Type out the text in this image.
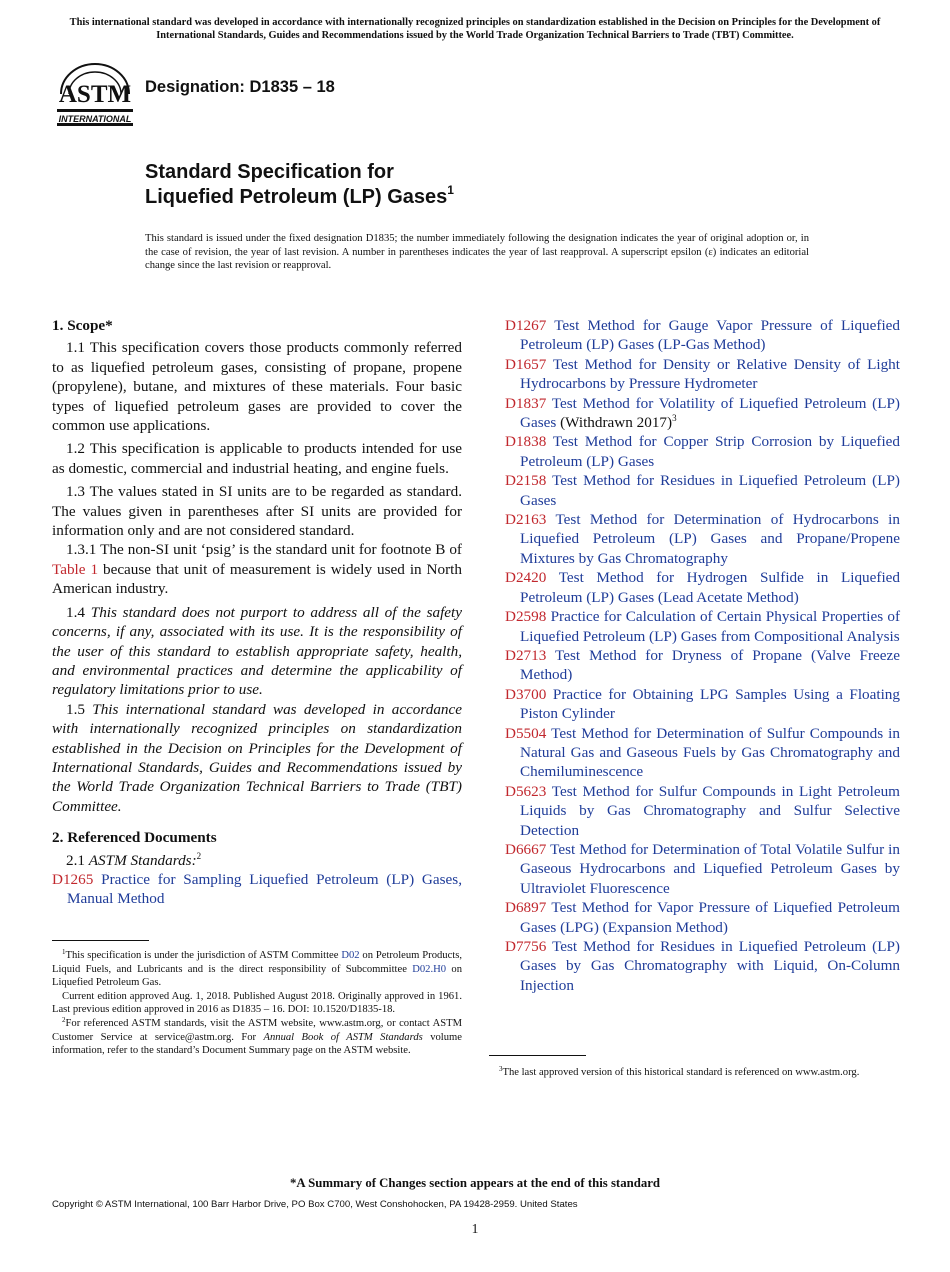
This international standard was developed in accordance with internationally recognized principles on standardization established in the Decision on Principles for the Development of International Standards, Guides and Recommendations issued by the World Trade Organization Technical Barriers to Trade (TBT) Committee.
ASTM
INTERNATIONAL
Designation: D1835 – 18
Standard Specification for
Liquefied Petroleum (LP) Gases$^1$
This standard is issued under the fixed designation D1835; the number immediately following the designation indicates the year of original adoption or, in the case of revision, the year of last revision. A number in parentheses indicates the year of last reapproval. A superscript epsilon (ε) indicates an editorial change since the last revision or reapproval.
1. Scope*

1.1 This specification covers those products commonly referred to as liquefied petroleum gases, consisting of propane, propene (propylene), butane, and mixtures of these materials. Four basic types of liquefied petroleum gases are provided to cover the common use applications.

1.2 This specification is applicable to products intended for use as domestic, commercial and industrial heating, and engine fuels.

1.3 The values stated in SI units are to be regarded as standard. The values given in parentheses after SI units are provided for information only and are not considered standard.

1.3.1 The non-SI unit ‘psig’ is the standard unit for footnote B of Table 1 because that unit of measurement is widely used in North American industry.

1.4 This standard does not purport to address all of the safety concerns, if any, associated with its use. It is the responsibility of the user of this standard to establish appropriate safety, health, and environmental practices and determine the applicability of regulatory limitations prior to use.

1.5 This international standard was developed in accordance with internationally recognized principles on standardization established in the Decision on Principles for the Development of International Standards, Guides and Recommendations issued by the World Trade Organization Technical Barriers to Trade (TBT) Committee.

2. Referenced Documents

2.1 ASTM Standards:$^2$

D1265 Practice for Sampling Liquefied Petroleum (LP) Gases, Manual Method

$^1$This specification is under the jurisdiction of ASTM Committee D02 on Petroleum Products, Liquid Fuels, and Lubricants and is the direct responsibility of Subcommittee D02.H0 on Liquefied Petroleum Gas.

Current edition approved Aug. 1, 2018. Published August 2018. Originally approved in 1961. Last previous edition approved in 2016 as D1835 – 16. DOI: 10.1520/D1835-18.

$^2$For referenced ASTM standards, visit the ASTM website, www.astm.org, or contact ASTM Customer Service at service@astm.org. For Annual Book of ASTM Standards volume information, refer to the standard’s Document Summary page on the ASTM website.

D1267 Test Method for Gauge Vapor Pressure of Liquefied Petroleum (LP) Gases (LP-Gas Method)

D1657 Test Method for Density or Relative Density of Light Hydrocarbons by Pressure Hydrometer

D1837 Test Method for Volatility of Liquefied Petroleum (LP) Gases (Withdrawn 2017)$^3$

D1838 Test Method for Copper Strip Corrosion by Liquefied Petroleum (LP) Gases

D2158 Test Method for Residues in Liquefied Petroleum (LP) Gases

D2163 Test Method for Determination of Hydrocarbons in Liquefied Petroleum (LP) Gases and Propane/Propene Mixtures by Gas Chromatography

D2420 Test Method for Hydrogen Sulfide in Liquefied Petroleum (LP) Gases (Lead Acetate Method)

D2598 Practice for Calculation of Certain Physical Properties of Liquefied Petroleum (LP) Gases from Compositional Analysis

D2713 Test Method for Dryness of Propane (Valve Freeze Method)

D3700 Practice for Obtaining LPG Samples Using a Floating Piston Cylinder

D5504 Test Method for Determination of Sulfur Compounds in Natural Gas and Gaseous Fuels by Gas Chromatography and Chemiluminescence

D5623 Test Method for Sulfur Compounds in Light Petroleum Liquids by Gas Chromatography and Sulfur Selective Detection

D6667 Test Method for Determination of Total Volatile Sulfur in Gaseous Hydrocarbons and Liquefied Petroleum Gases by Ultraviolet Fluorescence

D6897 Test Method for Vapor Pressure of Liquefied Petroleum Gases (LPG) (Expansion Method)

D7756 Test Method for Residues in Liquefied Petroleum (LP) Gases by Gas Chromatography with Liquid, On-Column Injection

$^3$The last approved version of this historical standard is referenced on www.astm.org.

*A Summary of Changes section appears at the end of this standard
Copyright © ASTM International, 100 Barr Harbor Drive, PO Box C700, West Conshohocken, PA 19428-2959. United States
1
